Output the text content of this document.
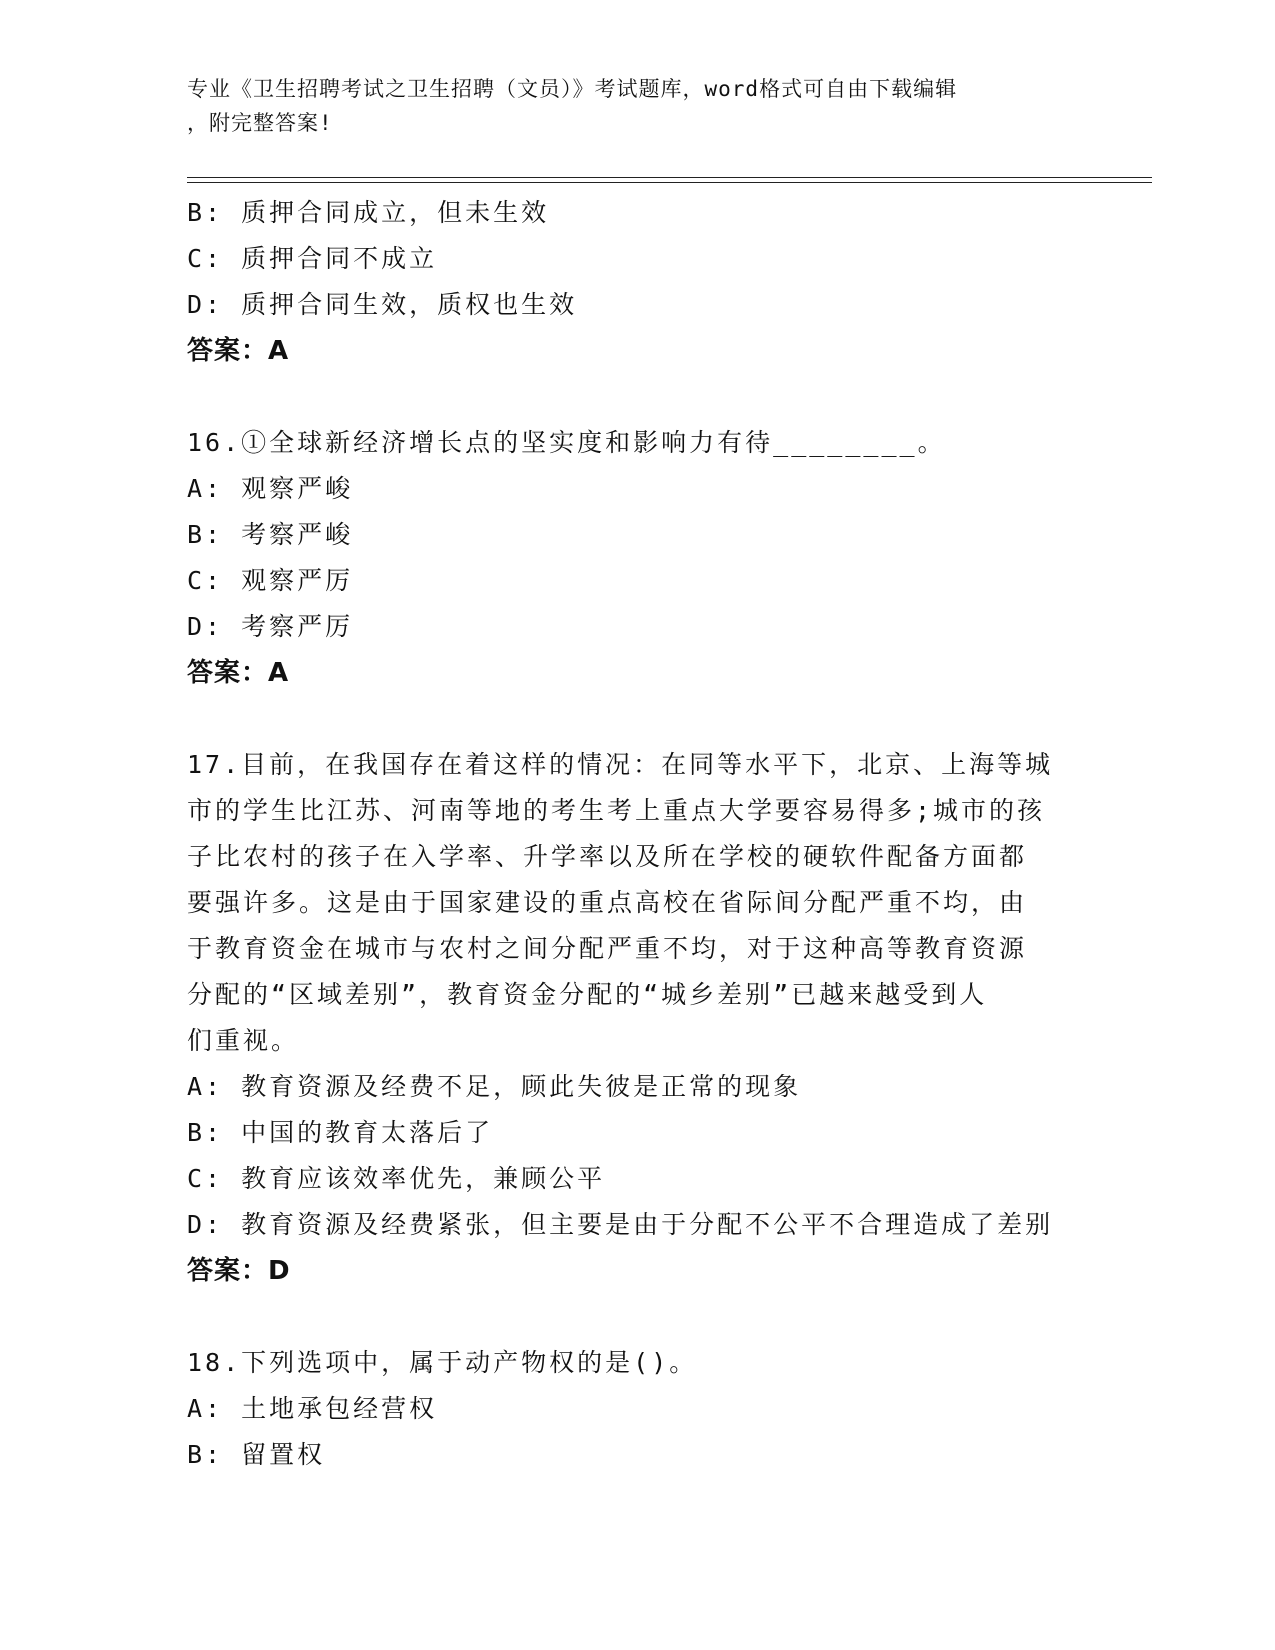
专业《卫生招聘考试之卫生招聘（文员）》考试题库，word格式可自由下载编辑
，附完整答案!
B: 质押合同成立，但未生效
C: 质押合同不成立
D: 质押合同生效，质权也生效
答案：A
16.①全球新经济增长点的坚实度和影响力有待________。
A: 观察严峻
B: 考察严峻
C: 观察严厉
D: 考察严厉
答案：A
17.目前，在我国存在着这样的情况：在同等水平下，北京、上海等城
市的学生比江苏、河南等地的考生考上重点大学要容易得多;城市的孩
子比农村的孩子在入学率、升学率以及所在学校的硬软件配备方面都
要强许多。这是由于国家建设的重点高校在省际间分配严重不均，由
于教育资金在城市与农村之间分配严重不均，对于这种高等教育资源
分配的“区域差别”，教育资金分配的“城乡差别”已越来越受到人
们重视。
A: 教育资源及经费不足，顾此失彼是正常的现象
B: 中国的教育太落后了
C: 教育应该效率优先，兼顾公平
D: 教育资源及经费紧张，但主要是由于分配不公平不合理造成了差别
答案：D
18.下列选项中，属于动产物权的是()。
A: 土地承包经营权
B: 留置权
